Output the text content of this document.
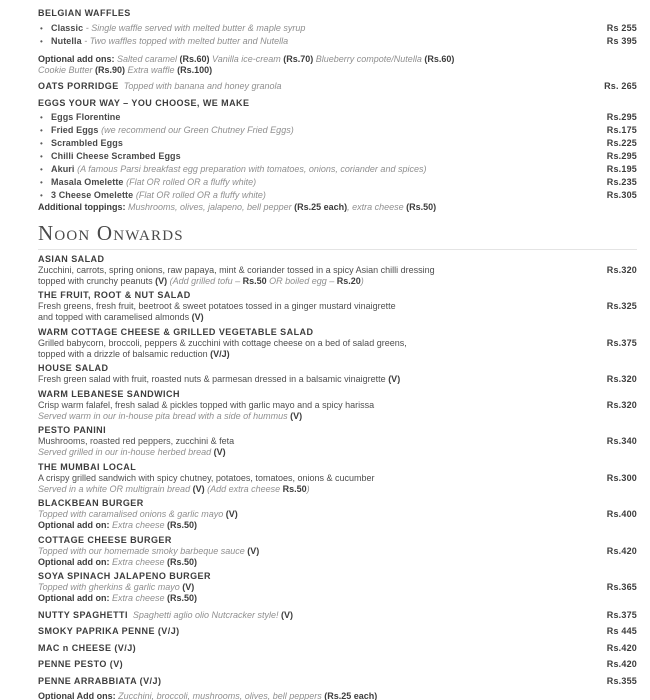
BELGIAN WAFFLES
• Classic - Single waffle served with melted butter & maple syrup	Rs 255
• Nutella - Two waffles topped with melted butter and Nutella	Rs 395
Optional add ons: Salted caramel (Rs.60) Vanilla ice-cream (Rs.70) Blueberry compote/Nutella (Rs.60)
Cookie Butter (Rs.90) Extra waffle (Rs.100)
OATS PORRIDGE  Topped with banana and honey granola	Rs. 265
EGGS YOUR WAY – YOU CHOOSE, WE MAKE
• Eggs Florentine	Rs.295
• Fried Eggs (we recommend our Green Chutney Fried Eggs)	Rs.175
• Scrambled Eggs	Rs.225
• Chilli Cheese Scrambed Eggs	Rs.295
• Akuri (A famous Parsi breakfast egg preparation with tomatoes, onions, coriander and spices)	Rs.195
• Masala Omelette (Flat OR rolled OR a fluffy white)	Rs.235
• 3 Cheese Omelette (Flat OR rolled OR a fluffy white)	Rs.305
Additional toppings: Mushrooms, olives, jalapeno, bell pepper (Rs.25 each), extra cheese (Rs.50)
Noon Onwards
ASIAN SALAD
Zucchini, carrots, spring onions, raw papaya, mint & coriander tossed in a spicy Asian chilli dressing	Rs.320
topped with crunchy peanuts (V) (Add grilled tofu – Rs.50 OR boiled egg – Rs.20)
THE FRUIT, ROOT & NUT SALAD
Fresh greens, fresh fruit, beetroot & sweet potatoes tossed in a ginger mustard vinaigrette	Rs.325
and topped with caramelised almonds (V)
WARM COTTAGE CHEESE & GRILLED VEGETABLE SALAD
Grilled babycorn, broccoli, peppers & zucchini with cottage cheese on a bed of salad greens,	Rs.375
topped with a drizzle of balsamic reduction (V/J)
HOUSE SALAD
Fresh green salad with fruit, roasted nuts & parmesan dressed in a balsamic vinaigrette (V)	Rs.320
WARM LEBANESE SANDWICH
Crisp warm falafel, fresh salad & pickles topped with garlic mayo and a spicy harissa	Rs.320
Served warm in our in-house pita bread with a side of hummus (V)
PESTO PANINI
Mushrooms, roasted red peppers, zucchini & feta	Rs.340
Served grilled in our in-house herbed bread (V)
THE MUMBAI LOCAL
A crispy grilled sandwich with spicy chutney, potatoes, tomatoes, onions & cucumber	Rs.300
Served in a white OR multigrain bread (V) (Add extra cheese Rs.50)
BLACKBEAN BURGER
Topped with caramalised onions & garlic mayo (V)	Rs.400
Optional add on: Extra cheese (Rs.50)
COTTAGE CHEESE BURGER
Topped with our homemade smoky barbeque sauce (V)	Rs.420
Optional add on: Extra cheese (Rs.50)
SOYA SPINACH JALAPENO BURGER
Topped with gherkins & garlic mayo (V)	Rs.365
Optional add on: Extra cheese (Rs.50)
NUTTY SPAGHETTI  Spaghetti aglio olio Nutcracker style! (V)	Rs.375
SMOKY PAPRIKA PENNE (V/J)	Rs 445
MAC n CHEESE (V/J)	Rs.420
PENNE PESTO (V)	Rs.420
PENNE ARRABBIATA (V/J)	Rs.355
Optional Add ons: Zucchini, broccoli, mushrooms, olives, bell peppers (Rs.25 each)
